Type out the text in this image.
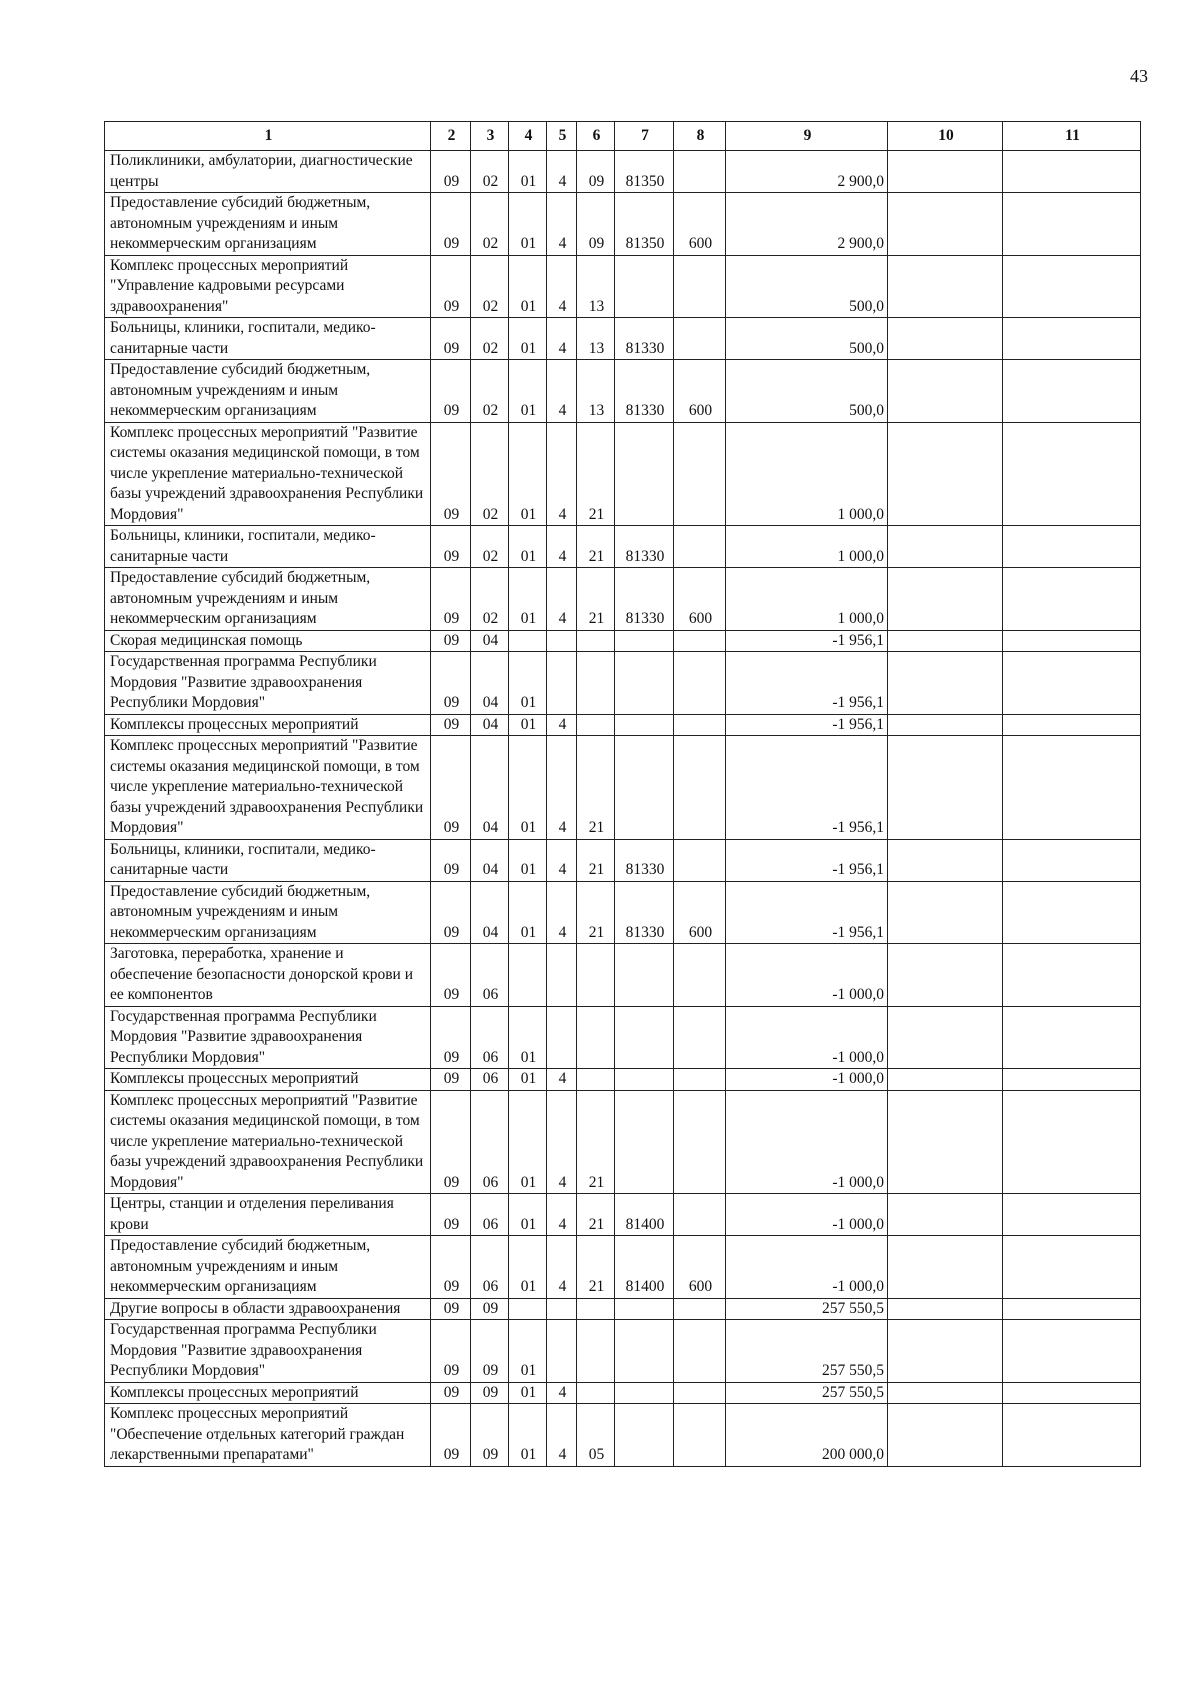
43
1	2	3	4	5	6	7	8	9	10	11
Поликлиники, амбулатории, диагностические центры	09	02	01	4	09	81350		2 900,0		
Предоставление субсидий бюджетным, автономным учреждениям и иным некоммерческим организациям	09	02	01	4	09	81350	600	2 900,0		
Комплекс процессных мероприятий "Управление кадровыми ресурсами здравоохранения"	09	02	01	4	13			500,0		
Больницы, клиники, госпитали, медико-санитарные части	09	02	01	4	13	81330		500,0		
Предоставление субсидий бюджетным, автономным учреждениям и иным некоммерческим организациям	09	02	01	4	13	81330	600	500,0		
Комплекс процессных мероприятий "Развитие системы оказания медицинской помощи, в том числе укрепление материально-технической базы учреждений здравоохранения Республики Мордовия"	09	02	01	4	21			1 000,0		
Больницы, клиники, госпитали, медико-санитарные части	09	02	01	4	21	81330		1 000,0		
Предоставление субсидий бюджетным, автономным учреждениям и иным некоммерческим организациям	09	02	01	4	21	81330	600	1 000,0		
Скорая медицинская помощь	09	04						-1 956,1		
Государственная программа Республики Мордовия "Развитие здравоохранения Республики Мордовия"	09	04	01					-1 956,1		
Комплексы процессных мероприятий	09	04	01	4				-1 956,1		
Комплекс процессных мероприятий "Развитие системы оказания медицинской помощи, в том числе укрепление материально-технической базы учреждений здравоохранения Республики Мордовия"	09	04	01	4	21			-1 956,1		
Больницы, клиники, госпитали, медико-санитарные части	09	04	01	4	21	81330		-1 956,1		
Предоставление субсидий бюджетным, автономным учреждениям и иным некоммерческим организациям	09	04	01	4	21	81330	600	-1 956,1		
Заготовка, переработка, хранение и обеспечение безопасности донорской крови и ее компонентов	09	06						-1 000,0		
Государственная программа Республики Мордовия "Развитие здравоохранения Республики Мордовия"	09	06	01					-1 000,0		
Комплексы процессных мероприятий	09	06	01	4				-1 000,0		
Комплекс процессных мероприятий "Развитие системы оказания медицинской помощи, в том числе укрепление материально-технической базы учреждений здравоохранения Республики Мордовия"	09	06	01	4	21			-1 000,0		
Центры, станции и отделения переливания крови	09	06	01	4	21	81400		-1 000,0		
Предоставление субсидий бюджетным, автономным учреждениям и иным некоммерческим организациям	09	06	01	4	21	81400	600	-1 000,0		
Другие вопросы в области здравоохранения	09	09						257 550,5		
Государственная программа Республики Мордовия "Развитие здравоохранения Республики Мордовия"	09	09	01					257 550,5		
Комплексы процессных мероприятий	09	09	01	4				257 550,5		
Комплекс процессных мероприятий "Обеспечение отдельных категорий граждан лекарственными препаратами"	09	09	01	4	05			200 000,0		
